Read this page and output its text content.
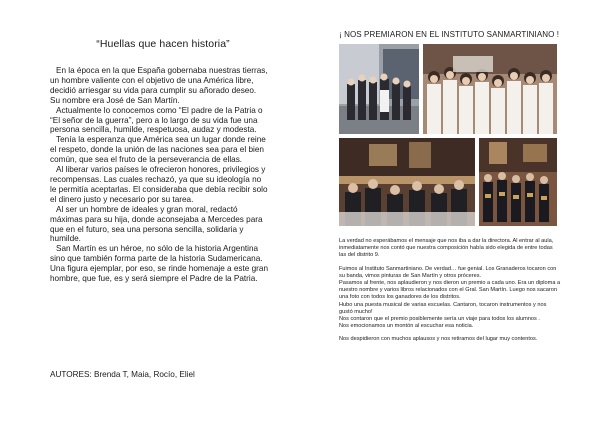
“Huellas que hacen historia”

En la época en la que España gobernaba nuestras tierras, un hombre valiente con el objetivo de una América libre, decidió arriesgar su vida para cumplir su añorado deseo. Su nombre era José de San Martín.

Actualmente lo conocemos como “El padre de la Patria o “El señor de la guerra”, pero a lo largo de su vida fue una persona sencilla, humilde, respetuosa, audaz y modesta.

Tenía la esperanza que América sea un lugar donde reine el respeto, donde la unión de las naciones sea para el bien común, que sea el fruto de la perseverancia de ellas.

Al liberar varios países le ofrecieron honores, privilegios y recompensas. Las cuales rechazó, ya que su ideología no le permitía aceptarlas. El consideraba que debía recibir solo el dinero justo y necesario por su tarea.

Al ser un hombre de ideales y gran moral, redactó máximas para su hija, donde aconsejaba a Mercedes para que en el futuro, sea una persona sencilla, solidaria y humilde.

San Martín es un héroe, no sólo de la historia Argentina sino que también forma parte de la historia Sudamericana. Una figura ejemplar, por eso, se rinde homenaje a este gran hombre, que fue, es y será siempre el Padre de la Patria.

AUTORES: Brenda T, Maia, Rocío, Eliel
¡ NOS PREMIARON EN EL INSTITUTO SANMARTINIANO !

La verdad no esperábamos el mensaje que nos iba a dar la directora. Al entrar al aula, inmediatamente nos contó que nuestra composición había sido elegida de entre todas las del distrito 9.

Fuimos al Instituto Sanmartiniano. De verdad… fue genial. Los Granaderos tocaron con su banda, vimos pinturas de San Martín y otros próceres.

Pasamos al frente, nos aplaudieron y nos dieron un premio a cada uno. Era un diploma a nuestro nombre y varios libros relacionados con el Gral. San Martín. Luego nos sacaron una foto con todos los ganadores de los distritos.

Hubo una puesta musical de varias escuelas. Cantaron, tocaron instrumentos y nos gustó mucho!

Nos contaron que el premio posiblemente sería un viaje para todos los alumnos .

Nos emocionamos un montón al escuchar esa noticia.

Nos despidieron con muchos aplausos y nos retiramos del lugar muy contentos.
